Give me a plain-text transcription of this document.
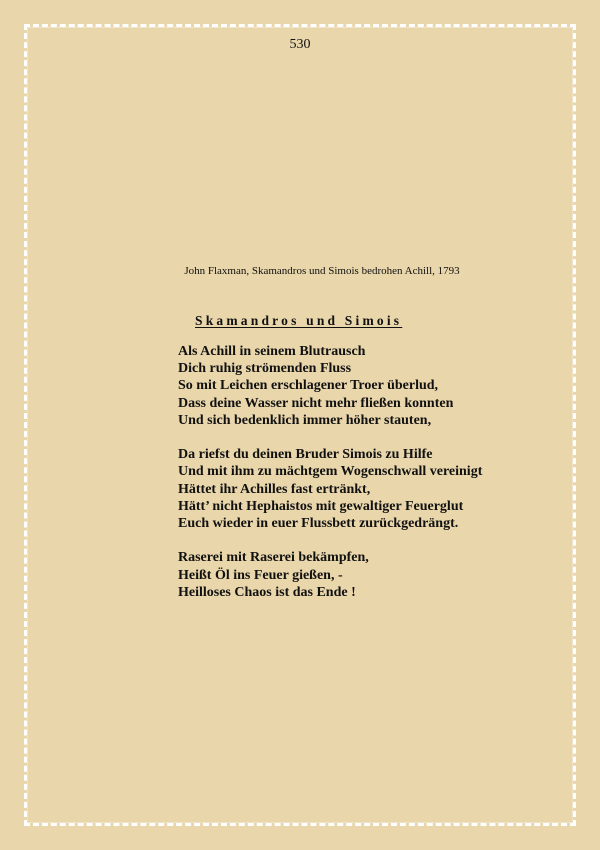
530
John Flaxman, Skamandros und Simois bedrohen Achill, 1793
Skamandros und Simois
Als Achill in seinem Blutrausch
Dich ruhig strömenden Fluss
So mit Leichen erschlagener Troer überlud,
Dass deine Wasser nicht mehr fließen konnten
Und sich bedenklich immer höher stauten,
Da riefst du deinen Bruder Simois zu Hilfe
Und mit ihm zu mächtgem Wogenschwall vereinigt
Hättet ihr Achilles fast ertränkt,
Hätt’ nicht Hephaistos mit gewaltiger Feuerglut
Euch wieder in euer Flussbett zurückgedrängt.
Raserei mit Raserei bekämpfen,
Heißt Öl ins Feuer gießen, -
Heilloses Chaos ist das Ende !
